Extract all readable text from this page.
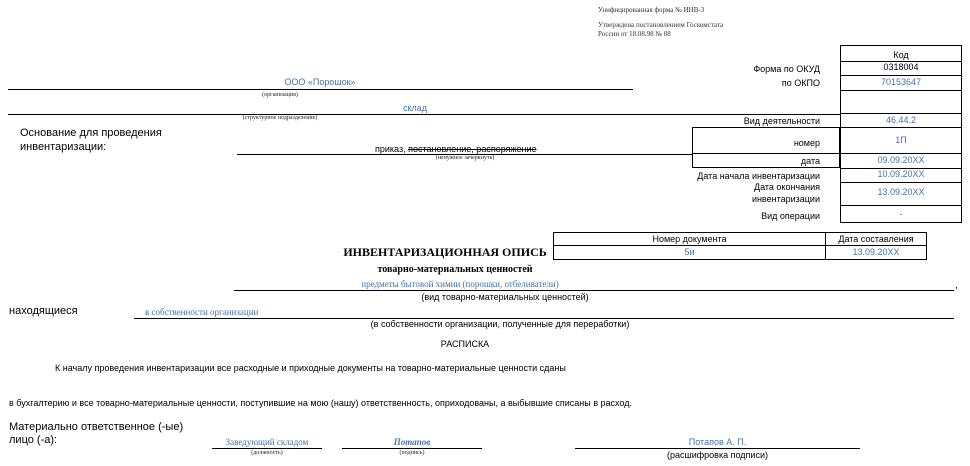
Унифицированная форма № ИНВ-3
Утверждена постановлением Госкомстата
России от 18.08.98 № 88
Код
Форма по ОКУД	0318004
по ОКПО	70153647
Вид деятельности	46.44.2
номер	1П
дата	09.09.20ХХ
Дата начала инвентаризации	10.09.20ХХ
Дата окончания
инвентаризации
13.09.20ХХ
Вид операции	-
ООО «Порошок»
(организация)
склад
(структурное подразделение)
Основание для проведения
инвентаризации:	приказ, постановление, распоряжение
(ненужное зачеркнуть)
ИНВЕНТАРИЗАЦИОННАЯ ОПИСЬ
товарно-материальных ценностей
Номер документа	Дата составления
5и	13.09.20ХХ
предметы бытовой химии (порошки, отбеливатели)	,
(вид товарно-материальных ценностей)
находящиеся	в собственности организации
(в собственности организации, полученные для переработки)
РАСПИСКА
К началу проведения инвентаризации все расходные и приходные документы на товарно-материальные ценности сданы
в бухгалтерию и все товарно-материальные ценности, поступившие на мою (нашу) ответственность, оприходованы, а выбывшие списаны в расход.
Материально ответственное (-ые)
лицо (-а):	Заведующий складом
(должность)
Потапов
(подпись)
Потапов А. П.
(расшифровка подписи)
